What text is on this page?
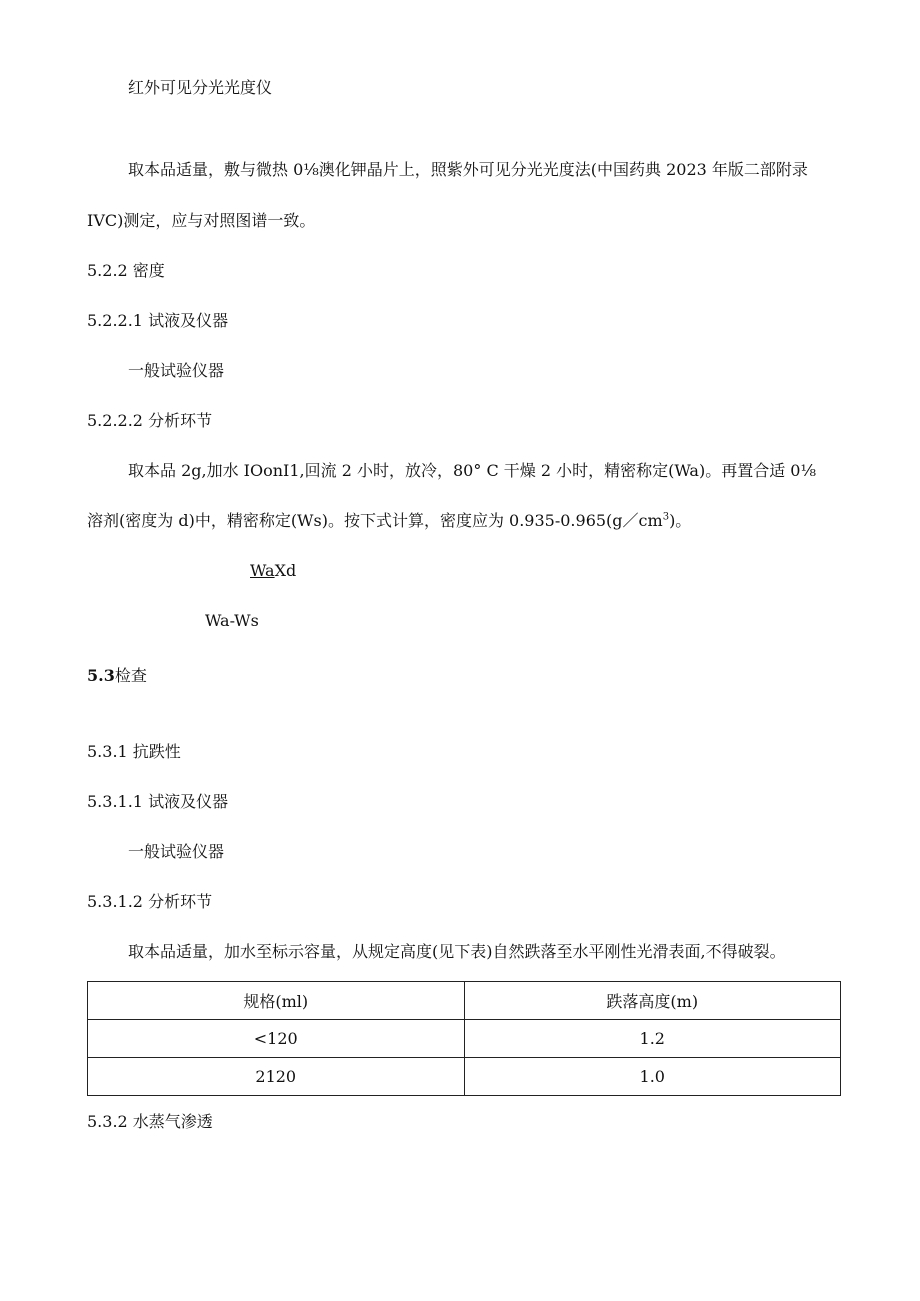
红外可见分光光度仪
取本品适量，敷与微热 0⅛澳化钾晶片上，照紫外可见分光光度法(中国药典 2023 年版二部附录
IVC)测定，应与对照图谱一致。
5.2.2 密度
5.2.2.1 试液及仪器
一般试验仪器
5.2.2.2 分析环节
取本品 2g,加水 IOonI1,回流 2 小时，放冷，80° C 干燥 2 小时，精密称定(Wa)。再置合适 0⅛
溶剂(密度为 d)中，精密称定(Ws)。按下式计算，密度应为 $0.935-0.965(g/cm^3)$。
WaXd
Wa-Ws
5.3检查
5.3.1 抗跌性
5.3.1.1 试液及仪器
一般试验仪器
5.3.1.2 分析环节
取本品适量，加水至标示容量，从规定高度(见下表)自然跌落至水平刚性光滑表面,不得破裂。
规格(ml)	跌落高度(m)
<120	1.2
2120	1.0
5.3.2 水蒸气渗透
